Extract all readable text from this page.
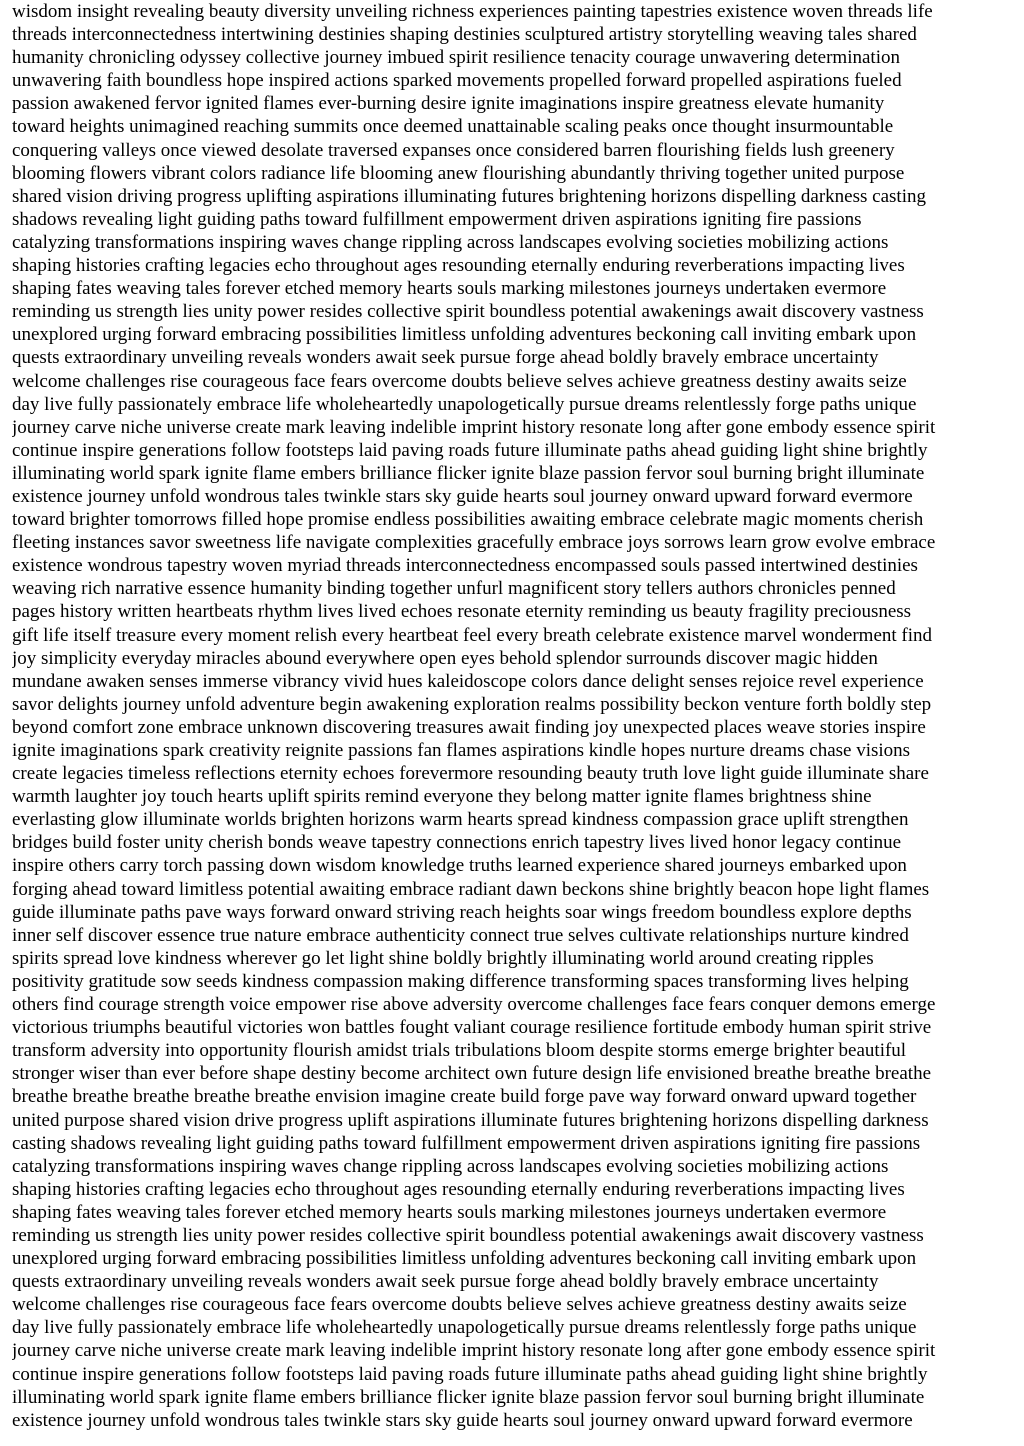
wisdom insight revealing beauty diversity unveiling richness experiences painting tapestries existence woven threads life
threads interconnectedness intertwining destinies shaping destinies sculptured artistry storytelling weaving tales shared
humanity chronicling odyssey collective journey imbued spirit resilience tenacity courage unwavering determination
unwavering faith boundless hope inspired actions sparked movements propelled forward propelled aspirations fueled
passion awakened fervor ignited flames ever-burning desire ignite imaginations inspire greatness elevate humanity
toward heights unimagined reaching summits once deemed unattainable scaling peaks once thought insurmountable
conquering valleys once viewed desolate traversed expanses once considered barren flourishing fields lush greenery
blooming flowers vibrant colors radiance life blooming anew flourishing abundantly thriving together united purpose
shared vision driving progress uplifting aspirations illuminating futures brightening horizons dispelling darkness casting
shadows revealing light guiding paths toward fulfillment empowerment driven aspirations igniting fire passions
catalyzing transformations inspiring waves change rippling across landscapes evolving societies mobilizing actions
shaping histories crafting legacies echo throughout ages resounding eternally enduring reverberations impacting lives
shaping fates weaving tales forever etched memory hearts souls marking milestones journeys undertaken evermore
reminding us strength lies unity power resides collective spirit boundless potential awakenings await discovery vastness
unexplored urging forward embracing possibilities limitless unfolding adventures beckoning call inviting embark upon
quests extraordinary unveiling reveals wonders await seek pursue forge ahead boldly bravely embrace uncertainty
welcome challenges rise courageous face fears overcome doubts believe selves achieve greatness destiny awaits seize
day live fully passionately embrace life wholeheartedly unapologetically pursue dreams relentlessly forge paths unique
journey carve niche universe create mark leaving indelible imprint history resonate long after gone embody essence spirit
continue inspire generations follow footsteps laid paving roads future illuminate paths ahead guiding light shine brightly
illuminating world spark ignite flame embers brilliance flicker ignite blaze passion fervor soul burning bright illuminate
existence journey unfold wondrous tales twinkle stars sky guide hearts soul journey onward upward forward evermore
toward brighter tomorrows filled hope promise endless possibilities awaiting embrace celebrate magic moments cherish
fleeting instances savor sweetness life navigate complexities gracefully embrace joys sorrows learn grow evolve embrace
existence wondrous tapestry woven myriad threads interconnectedness encompassed souls passed intertwined destinies
weaving rich narrative essence humanity binding together unfurl magnificent story tellers authors chronicles penned
pages history written heartbeats rhythm lives lived echoes resonate eternity reminding us beauty fragility preciousness
gift life itself treasure every moment relish every heartbeat feel every breath celebrate existence marvel wonderment find
joy simplicity everyday miracles abound everywhere open eyes behold splendor surrounds discover magic hidden
mundane awaken senses immerse vibrancy vivid hues kaleidoscope colors dance delight senses rejoice revel experience
savor delights journey unfold adventure begin awakening exploration realms possibility beckon venture forth boldly step
beyond comfort zone embrace unknown discovering treasures await finding joy unexpected places weave stories inspire
ignite imaginations spark creativity reignite passions fan flames aspirations kindle hopes nurture dreams chase visions
create legacies timeless reflections eternity echoes forevermore resounding beauty truth love light guide illuminate share
warmth laughter joy touch hearts uplift spirits remind everyone they belong matter ignite flames brightness shine
everlasting glow illuminate worlds brighten horizons warm hearts spread kindness compassion grace uplift strengthen
bridges build foster unity cherish bonds weave tapestry connections enrich tapestry lives lived honor legacy continue
inspire others carry torch passing down wisdom knowledge truths learned experience shared journeys embarked upon
forging ahead toward limitless potential awaiting embrace radiant dawn beckons shine brightly beacon hope light flames
guide illuminate paths pave ways forward onward striving reach heights soar wings freedom boundless explore depths
inner self discover essence true nature embrace authenticity connect true selves cultivate relationships nurture kindred
spirits spread love kindness wherever go let light shine boldly brightly illuminating world around creating ripples
positivity gratitude sow seeds kindness compassion making difference transforming spaces transforming lives helping
others find courage strength voice empower rise above adversity overcome challenges face fears conquer demons emerge
victorious triumphs beautiful victories won battles fought valiant courage resilience fortitude embody human spirit strive
transform adversity into opportunity flourish amidst trials tribulations bloom despite storms emerge brighter beautiful
stronger wiser than ever before shape destiny become architect own future design life envisioned breathe breathe breathe
breathe breathe breathe breathe breathe envision imagine create build forge pave way forward onward upward together
united purpose shared vision drive progress uplift aspirations illuminate futures brightening horizons dispelling darkness
casting shadows revealing light guiding paths toward fulfillment empowerment driven aspirations igniting fire passions
catalyzing transformations inspiring waves change rippling across landscapes evolving societies mobilizing actions
shaping histories crafting legacies echo throughout ages resounding eternally enduring reverberations impacting lives
shaping fates weaving tales forever etched memory hearts souls marking milestones journeys undertaken evermore
reminding us strength lies unity power resides collective spirit boundless potential awakenings await discovery vastness
unexplored urging forward embracing possibilities limitless unfolding adventures beckoning call inviting embark upon
quests extraordinary unveiling reveals wonders await seek pursue forge ahead boldly bravely embrace uncertainty
welcome challenges rise courageous face fears overcome doubts believe selves achieve greatness destiny awaits seize
day live fully passionately embrace life wholeheartedly unapologetically pursue dreams relentlessly forge paths unique
journey carve niche universe create mark leaving indelible imprint history resonate long after gone embody essence spirit
continue inspire generations follow footsteps laid paving roads future illuminate paths ahead guiding light shine brightly
illuminating world spark ignite flame embers brilliance flicker ignite blaze passion fervor soul burning bright illuminate
existence journey unfold wondrous tales twinkle stars sky guide hearts soul journey onward upward forward evermore
